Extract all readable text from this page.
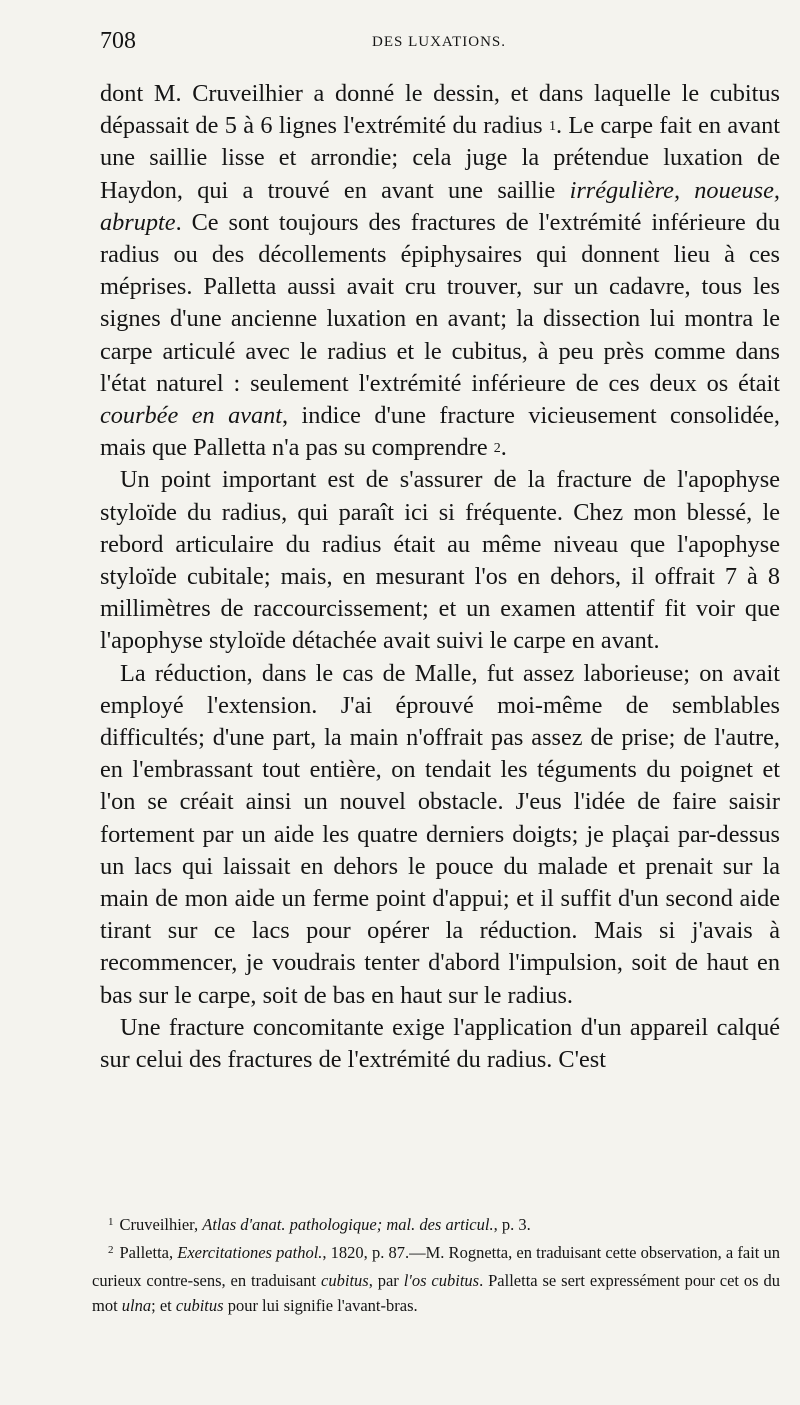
708	DES LUXATIONS.

dont M. Cruveilhier a donné le dessin, et dans laquelle le cubitus dépassait de 5 à 6 lignes l'extrémité du radius $^1$. Le carpe fait en avant une saillie lisse et arrondie; cela juge la prétendue luxation de Haydon, qui a trouvé en avant une saillie irrégulière, noueuse, abrupte. Ce sont toujours des fractures de l'extrémité inférieure du radius ou des décollements épiphysaires qui donnent lieu à ces méprises. Palletta aussi avait cru trouver, sur un cadavre, tous les signes d'une ancienne luxation en avant; la dissection lui montra le carpe articulé avec le radius et le cubitus, à peu près comme dans l'état naturel : seulement l'extrémité inférieure de ces deux os était courbée en avant, indice d'une fracture vicieusement consolidée, mais que Palletta n'a pas su comprendre $^2$.

Un point important est de s'assurer de la fracture de l'apophyse styloïde du radius, qui paraît ici si fréquente. Chez mon blessé, le rebord articulaire du radius était au même niveau que l'apophyse styloïde cubitale; mais, en mesurant l'os en dehors, il offrait 7 à 8 millimètres de raccourcissement; et un examen attentif fit voir que l'apophyse styloïde détachée avait suivi le carpe en avant.

La réduction, dans le cas de Malle, fut assez laborieuse; on avait employé l'extension. J'ai éprouvé moi-même de semblables difficultés; d'une part, la main n'offrait pas assez de prise; de l'autre, en l'embrassant tout entière, on tendait les téguments du poignet et l'on se créait ainsi un nouvel obstacle. J'eus l'idée de faire saisir fortement par un aide les quatre derniers doigts; je plaçai par-dessus un lacs qui laissait en dehors le pouce du malade et prenait sur la main de mon aide un ferme point d'appui; et il suffit d'un second aide tirant sur ce lacs pour opérer la réduction. Mais si j'avais à recommencer, je voudrais tenter d'abord l'impulsion, soit de haut en bas sur le carpe, soit de bas en haut sur le radius.

Une fracture concomitante exige l'application d'un appareil calqué sur celui des fractures de l'extrémité du radius. C'est

$^1$ Cruveilhier, Atlas d'anat. pathologique; mal. des articul., p. 3.

$^2$ Palletta, Exercitationes pathol., 1820, p. 87.—M. Rognetta, en traduisant cette observation, a fait un curieux contre-sens, en traduisant cubitus, par l'os cubitus. Palletta se sert expressément pour cet os du mot ulna; et cubitus pour lui signifie l'avant-bras.
